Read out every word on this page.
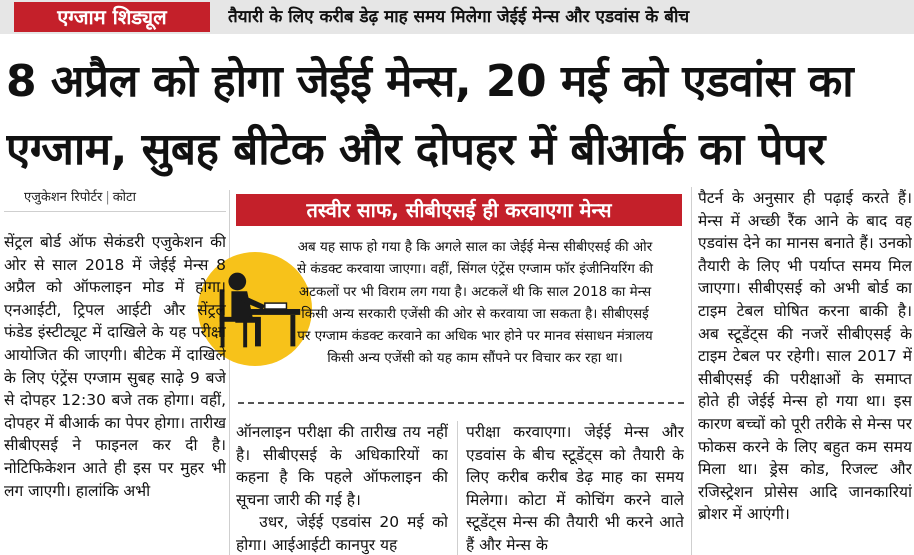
एग्जाम शिड्यूल	तैयारी के लिए करीब डेढ़ माह समय मिलेगा जेईई मेन्स और एडवांस के बीच
8 अप्रैल को होगा जेईई मेन्स, 20 मई को एडवांस का
एग्जाम, सुबह बीटेक और दोपहर में बीआर्क का पेपर
एजुकेशन रिपोर्टर | कोटा
तस्वीर साफ, सीबीएसई ही करवाएगा मेन्स
अब यह साफ हो गया है कि अगले साल का जेईई मेन्स सीबीएसई की ओर से कंडक्ट करवाया जाएगा। वहीं, सिंगल एंट्रेंस एग्जाम फॉर इंजीनियरिंग की अटकलों पर भी विराम लग गया है। अटकलें थी कि साल 2018 का मेन्स किसी अन्य सरकारी एजेंसी की ओर से करवाया जा सकता है। सीबीएसई पर एग्जाम कंडक्ट करवाने का अधिक भार होने पर मानव संसाधन मंत्रालय किसी अन्य एजेंसी को यह काम सौंपने पर विचार कर रहा था।

सेंट्रल बोर्ड ऑफ सेकंडरी एजुकेशन की ओर से साल 2018 में जेईई मेन्स 8 अप्रैल को ऑफलाइन मोड में होगा। एनआईटी, ट्रिपल आईटी और सेंट्रल फंडेड इंस्टीट्यूट में दाखिले के यह परीक्षा आयोजित की जाएगी। बीटेक में दाखिले के लिए एंट्रेंस एग्जाम सुबह साढ़े 9 बजे से दोपहर 12:30 बजे तक होगा। वहीं, दोपहर में बीआर्क का पेपर होगा। तारीख सीबीएसई ने फाइनल कर दी है। नोटिफिकेशन आते ही इस पर मुहर भी लग जाएगी। हालांकि अभी

ऑनलाइन परीक्षा की तारीख तय नहीं है। सीबीएसई के अधिकारियों का कहना है कि पहले ऑफलाइन की सूचना जारी की गई है।

उधर, जेईई एडवांस 20 मई को होगा। आईआईटी कानपुर यह

परीक्षा करवाएगा। जेईई मेन्स और एडवांस के बीच स्टूडेंट्स को तैयारी के लिए करीब करीब डेढ़ माह का समय मिलेगा। कोटा में कोचिंग करने वाले स्टूडेंट्स मेन्स की तैयारी भी करने आते हैं और मेन्स के

पैटर्न के अनुसार ही पढ़ाई करते हैं। मेन्स में अच्छी रैंक आने के बाद वह एडवांस देने का मानस बनाते हैं। उनको तैयारी के लिए भी पर्याप्त समय मिल जाएगा। सीबीएसई को अभी बोर्ड का टाइम टेबल घोषित करना बाकी है। अब स्टूडेंट्स की नजरें सीबीएसई के टाइम टेबल पर रहेगी। साल 2017 में सीबीएसई की परीक्षाओं के समाप्त होते ही जेईई मेन्स हो गया था। इस कारण बच्चों को पूरी तरीके से मेन्स पर फोकस करने के लिए बहुत कम समय मिला था। ड्रेस कोड, रिजल्ट और रजिस्ट्रेशन प्रोसेस आदि जानकारियां ब्रोशर में आएंगी।
